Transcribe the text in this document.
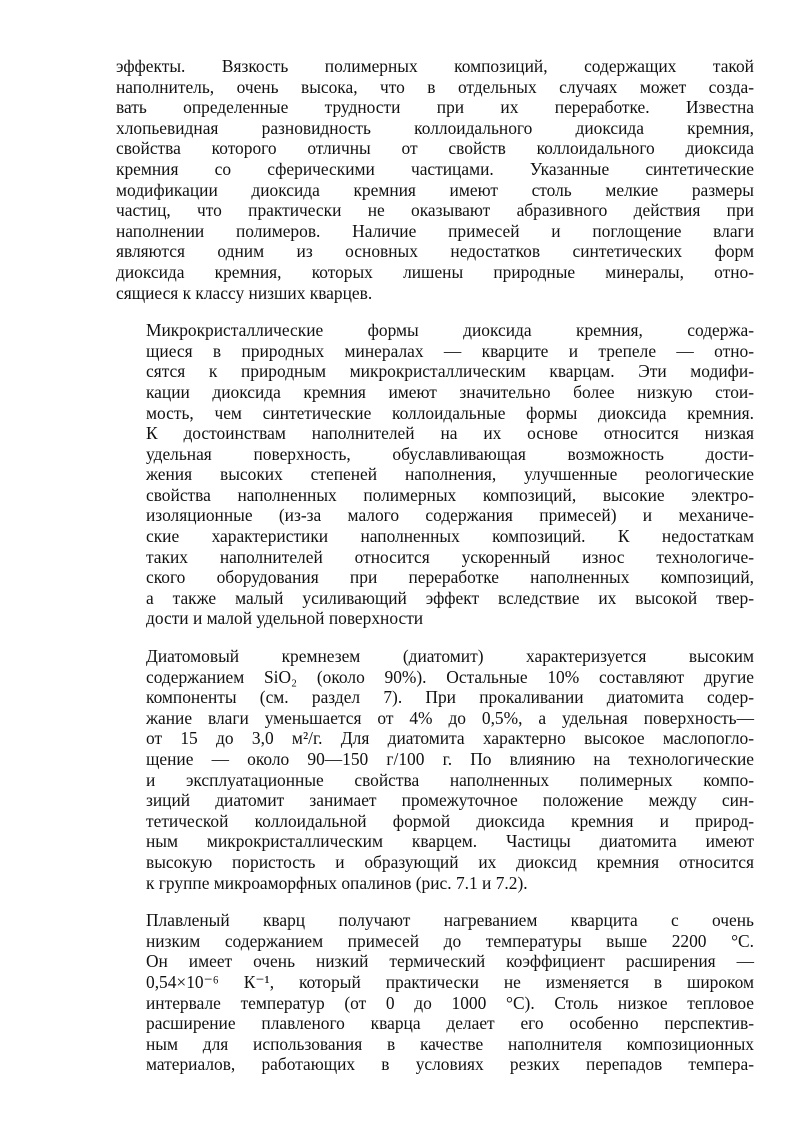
эффекты. Вязкость полимерных композиций, содержащих такой
наполнитель, очень высока, что в отдельных случаях может созда-
вать определенные трудности при их переработке. Известна
хлопьевидная разновидность коллоидального диоксида кремния,
свойства которого отличны от свойств коллоидального диоксида
кремния со сферическими частицами. Указанные синтетические
модификации диоксида кремния имеют столь мелкие размеры
частиц, что практически не оказывают абразивного действия при
наполнении полимеров. Наличие примесей и поглощение влаги
являются одним из основных недостатков синтетических форм
диоксида кремния, которых лишены природные минералы, отно-
сящиеся к классу низших кварцев.

Микрокристаллические формы диоксида кремния, содержа-
щиеся в природных минералах — кварците и трепеле — отно-
сятся к природным микрокристаллическим кварцам. Эти модифи-
кации диоксида кремния имеют значительно более низкую стои-
мость, чем синтетические коллоидальные формы диоксида кремния.
К достоинствам наполнителей на их основе относится низкая
удельная поверхность, обуславливающая возможность дости-
жения высоких степеней наполнения, улучшенные реологические
свойства наполненных полимерных композиций, высокие электро-
изоляционные (из-за малого содержания примесей) и механиче-
ские характеристики наполненных композиций. К недостаткам
таких наполнителей относится ускоренный износ технологиче-
ского оборудования при переработке наполненных композиций,
а также малый усиливающий эффект вследствие их высокой твер-
дости и малой удельной поверхности

Диатомовый кремнезем (диатомит) характеризуется высоким
содержанием SiO₂ (около 90%). Остальные 10% составляют другие
компоненты (см. раздел 7). При прокаливании диатомита содер-
жание влаги уменьшается от 4% до 0,5%, а удельная поверхность—
от 15 до 3,0 м²/г. Для диатомита характерно высокое маслопогло-
щение — около 90—150 г/100 г. По влиянию на технологические
и эксплуатационные свойства наполненных полимерных компо-
зиций диатомит занимает промежуточное положение между син-
тетической коллоидальной формой диоксида кремния и природ-
ным микрокристаллическим кварцем. Частицы диатомита имеют
высокую пористость и образующий их диоксид кремния относится
к группе микроаморфных опалинов (рис. 7.1 и 7.2).

Плавленый кварц получают нагреванием кварцита с очень
низким содержанием примесей до температуры выше 2200 °С.
Он имеет очень низкий термический коэффициент расширения —
0,54×10⁻⁶ К⁻¹, который практически не изменяется в широком
интервале температур (от 0 до 1000 °С). Столь низкое тепловое
расширение плавленого кварца делает его особенно перспектив-
ным для использования в качестве наполнителя композиционных
материалов, работающих в условиях резких перепадов темпера-
